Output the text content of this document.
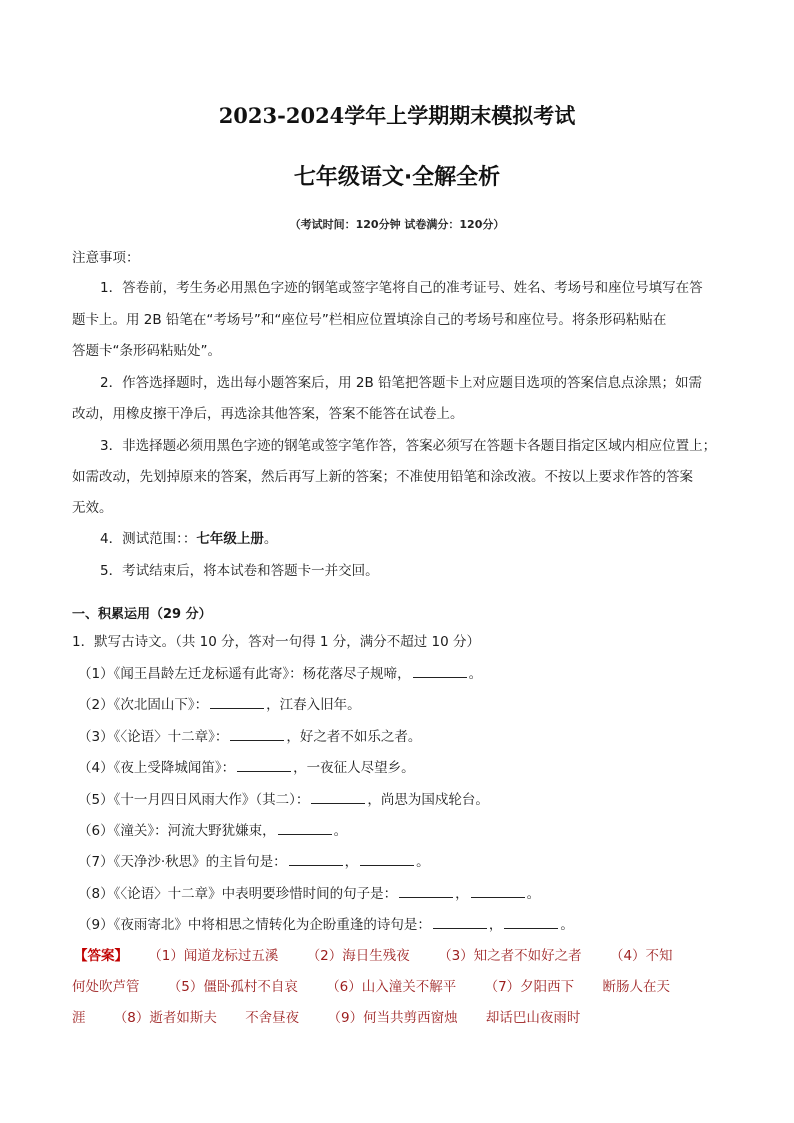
2023-2024学年上学期期末模拟考试
七年级语文·全解全析
（考试时间：120分钟 试卷满分：120分）
注意事项：
1．答卷前，考生务必用黑色字迹的钢笔或签字笔将自己的准考证号、姓名、考场号和座位号填写在答
题卡上。用 2B 铅笔在“考场号”和“座位号”栏相应位置填涂自己的考场号和座位号。将条形码粘贴在
答题卡“条形码粘贴处”。
2．作答选择题时，选出每小题答案后，用 2B 铅笔把答题卡上对应题目选项的答案信息点涂黑；如需
改动，用橡皮擦干净后，再选涂其他答案，答案不能答在试卷上。
3．非选择题必须用黑色字迹的钢笔或签字笔作答，答案必须写在答题卡各题目指定区域内相应位置上；
如需改动，先划掉原来的答案，然后再写上新的答案；不准使用铅笔和涂改液。不按以上要求作答的答案
无效。
4．测试范围：：七年级上册。
5．考试结束后，将本试卷和答题卡一并交回。
一、积累运用（29 分）
1．默写古诗文。（共 10 分，答对一句得 1 分，满分不超过 10 分）
（1）《闻王昌龄左迁龙标遥有此寄》：杨花落尽子规啼，	。
（2）《次北固山下》：	，江春入旧年。
（3）《〈论语〉十二章》：	，好之者不如乐之者。
（4）《夜上受降城闻笛》：	，一夜征人尽望乡。
（5）《十一月四日风雨大作》（其二）：	，尚思为国戍轮台。
（6）《潼关》：河流大野犹嫌束，	。
（7）《天净沙·秋思》的主旨句是：	，	。
（8）《〈论语〉十二章》中表明要珍惜时间的句子是：	，	。
（9）《夜雨寄北》中将相思之情转化为企盼重逢的诗句是：	，	。
【答案】 （1）闻道龙标过五溪 （2）海日生残夜 （3）知之者不如好之者 （4）不知
何处吹芦管 （5）僵卧孤村不自哀 （6）山入潼关不解平 （7）夕阳西下 断肠人在天
涯 （8）逝者如斯夫 不舍昼夜 （9）何当共剪西窗烛 却话巴山夜雨时
